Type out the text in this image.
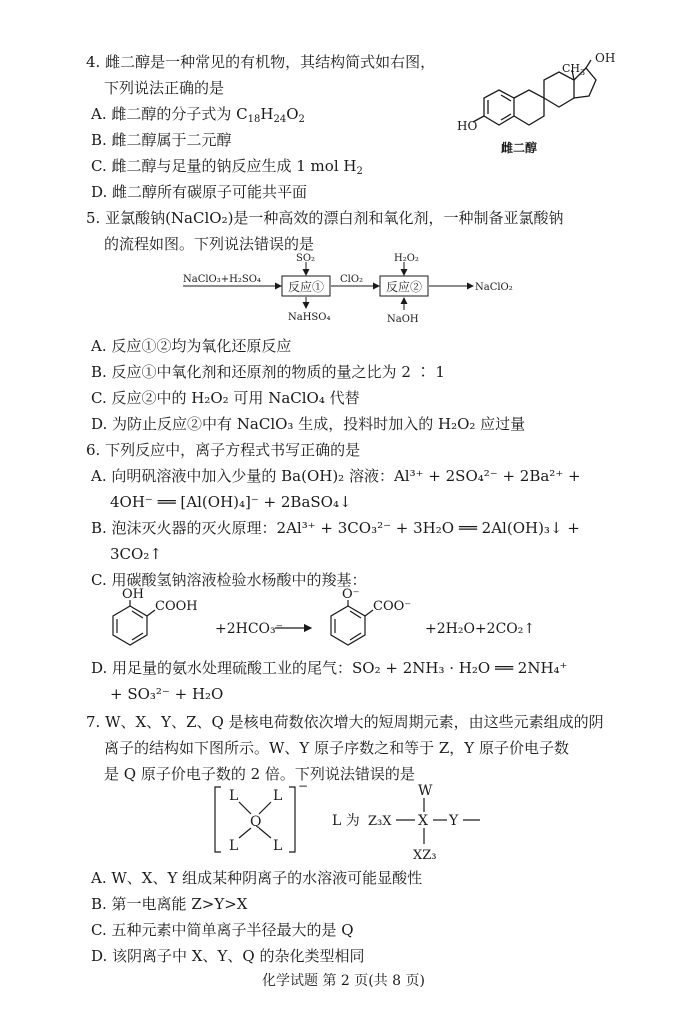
4. 雌二醇是一种常见的有机物，其结构简式如右图，
下列说法正确的是
A. 雌二醇的分子式为 $C_{18}H_{24}O_2$
B. 雌二醇属于二元醇
C. 雌二醇与足量的钠反应生成 1 mol $H_2$
D. 雌二醇所有碳原子可能共平面
OH
$CH_3$
HO
雌二醇
5. 亚氯酸钠(NaClO₂)是一种高效的漂白剂和氧化剂，一种制备亚氯酸钠
的流程如图。下列说法错误的是
NaClO₃+H₂SO₄
SO₂
反应①
ClO₂
NaHSO₄
H₂O₂
反应②
NaOH
NaClO₂
A. 反应①②均为氧化还原反应
B. 反应①中氧化剂和还原剂的物质的量之比为 2 ∶ 1
C. 反应②中的 H₂O₂ 可用 NaClO₄ 代替
D. 为防止反应②中有 NaClO₃ 生成，投料时加入的 H₂O₂ 应过量
6. 下列反应中，离子方程式书写正确的是
A. 向明矾溶液中加入少量的 Ba(OH)₂ 溶液：Al³⁺ + 2SO₄²⁻ + 2Ba²⁺ +
4OH⁻ ══ [Al(OH)₄]⁻ + 2BaSO₄↓
B. 泡沫灭火器的灭火原理：2Al³⁺ + 3CO₃²⁻ + 3H₂O ══ 2Al(OH)₃↓ +
3CO₂↑
C. 用碳酸氢钠溶液检验水杨酸中的羧基：
OH
COOH
+2HCO₃⁻
O⁻
COO⁻
+2H₂O+2CO₂↑
D. 用足量的氨水处理硫酸工业的尾气：SO₂ + 2NH₃ · H₂O ══ 2NH₄⁺
+ SO₃²⁻ + H₂O
7. W、X、Y、Z、Q 是核电荷数依次增大的短周期元素，由这些元素组成的阴
离子的结构如下图所示。W、Y 原子序数之和等于 Z，Y 原子价电子数
是 Q 原子价电子数的 2 倍。下列说法错误的是
L L
Q
L L
−
L 为 Z₃X X Y
W
XZ₃
A. W、X、Y 组成某种阴离子的水溶液可能显酸性
B. 第一电离能 Z>Y>X
C. 五种元素中简单离子半径最大的是 Q
D. 该阴离子中 X、Y、Q 的杂化类型相同
化学试题 第 2 页(共 8 页)
